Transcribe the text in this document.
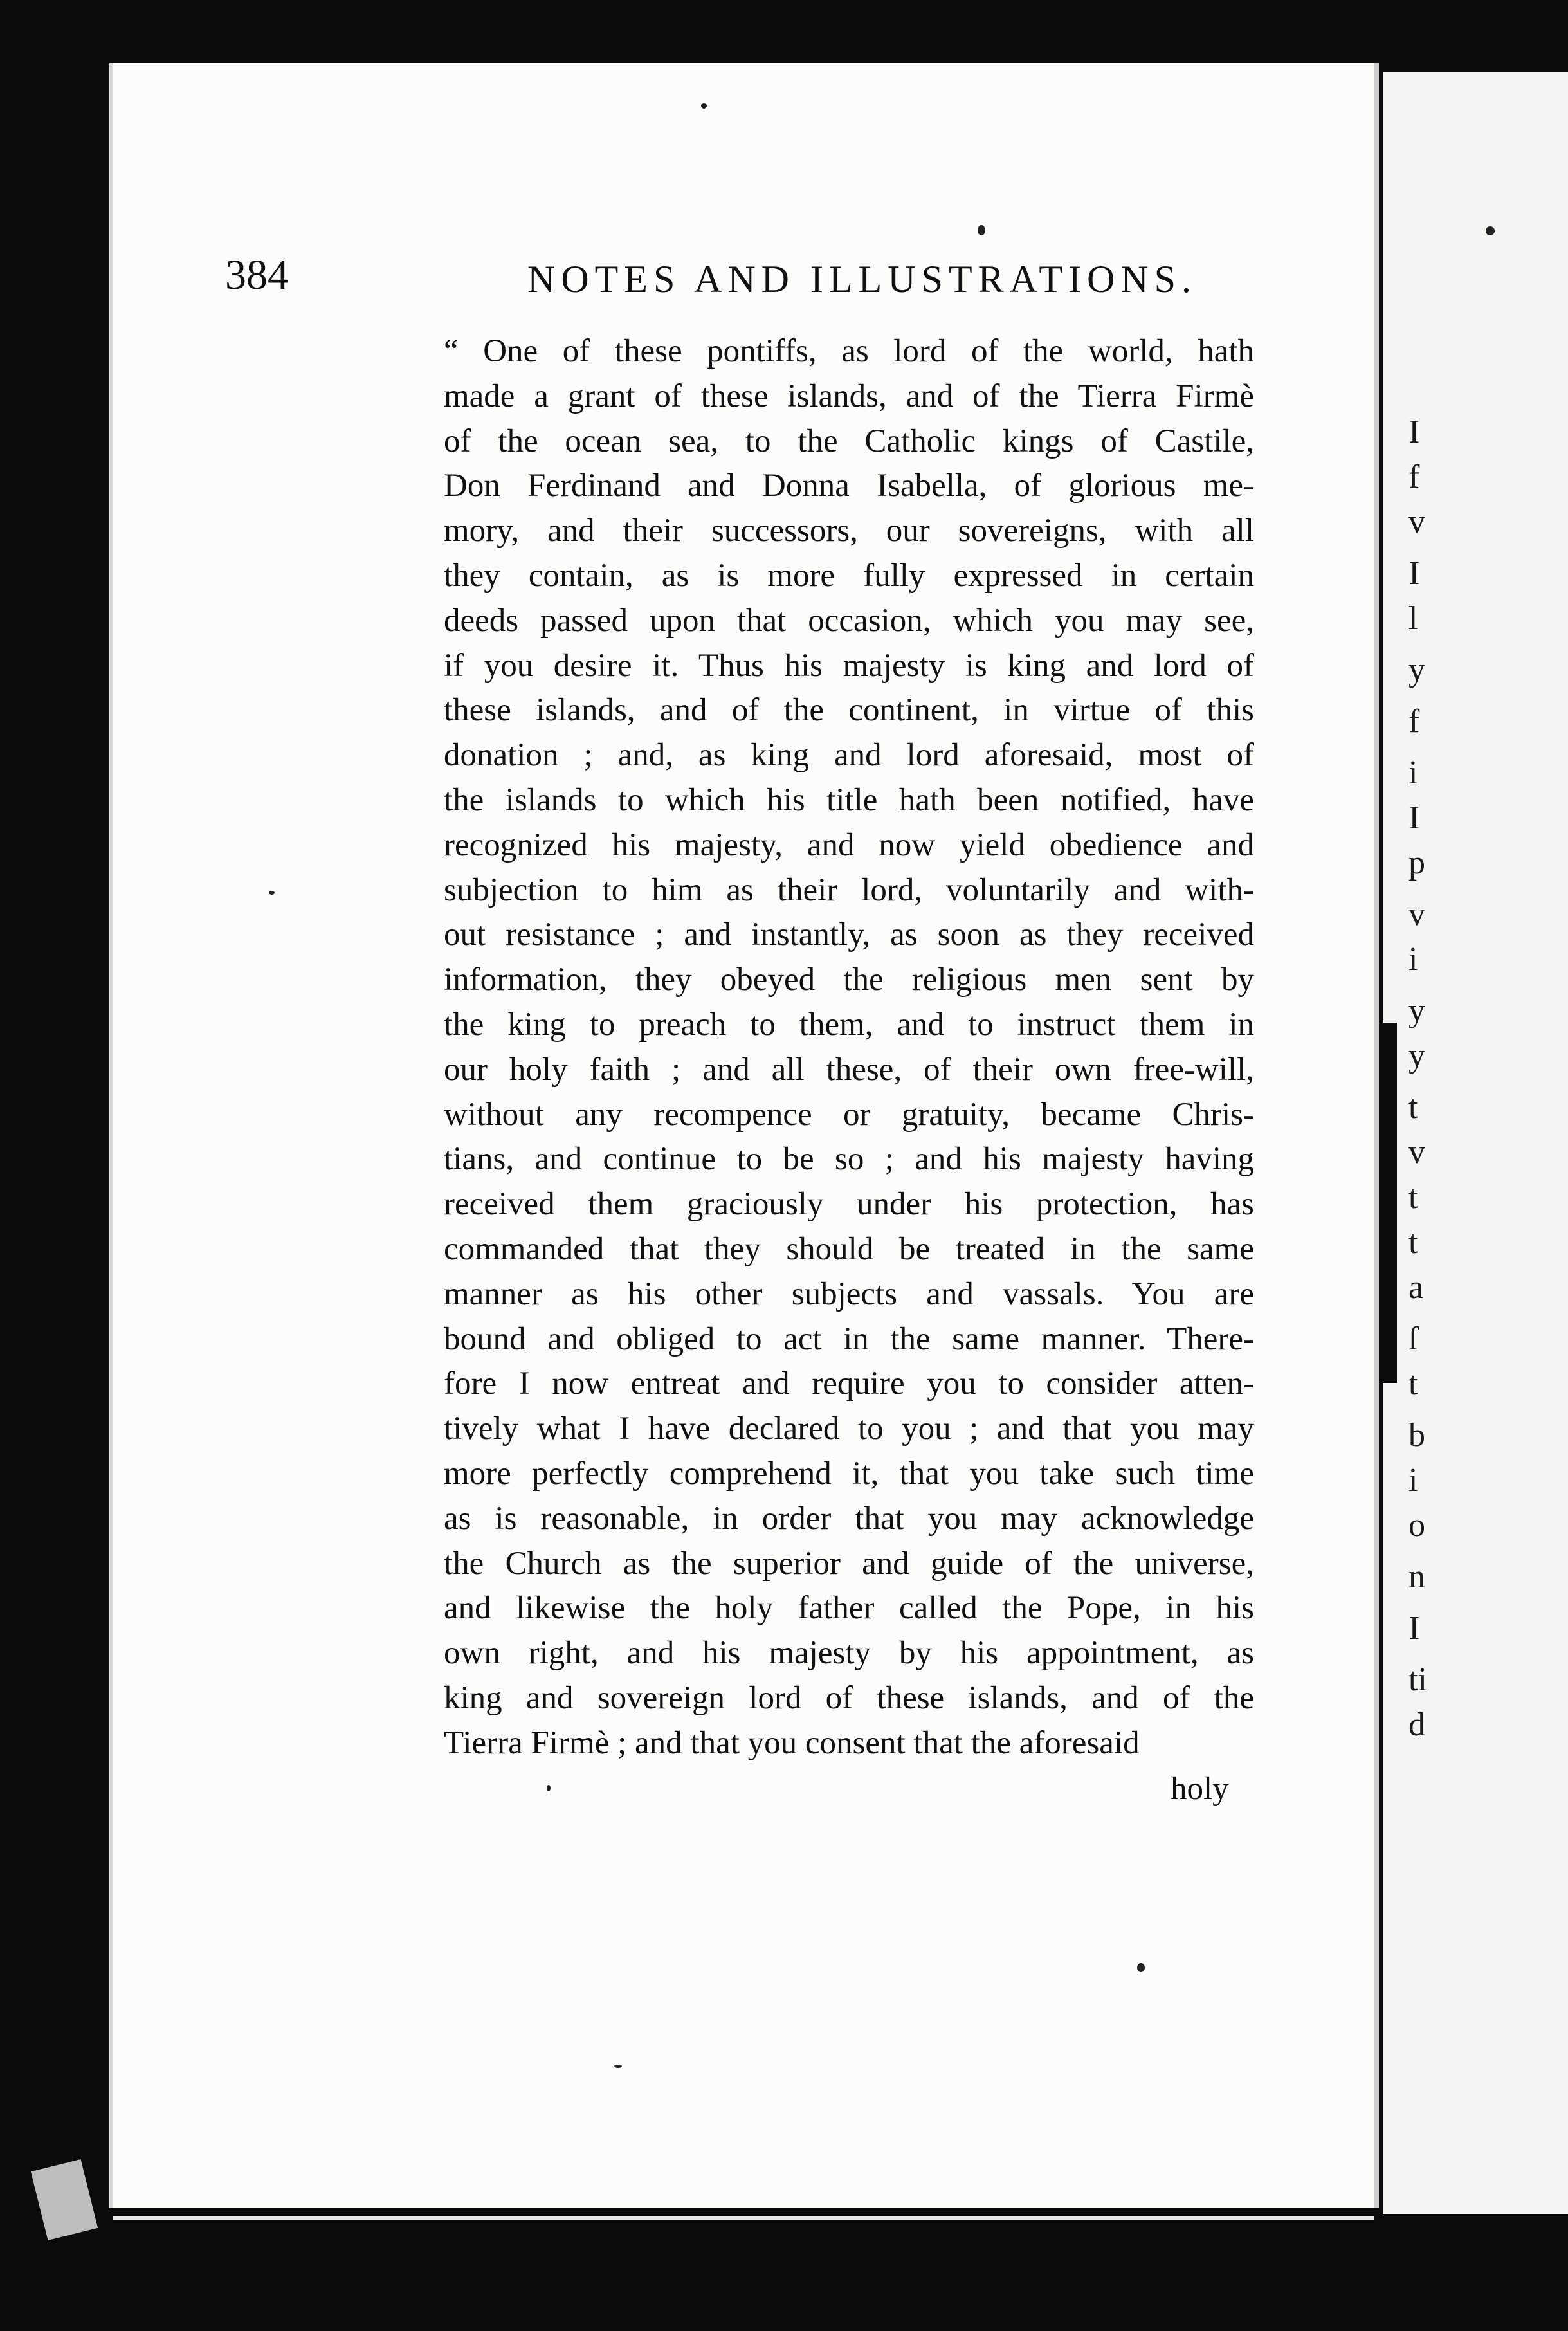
I
f
v
I
l
y
f
i
I
p
v
i
y
y
t
v
t
t
a
ſ
t
b
i
o
n
I
ti
d
384	NOTES AND ILLUSTRATIONS.
“ One of these pontiffs, as lord of the world, hath
made a grant of these islands, and of the Tierra Firmè
of the ocean sea, to the Catholic kings of Castile,
Don Ferdinand and Donna Isabella, of glorious me-
mory, and their successors, our sovereigns, with all
they contain, as is more fully expressed in certain
deeds passed upon that occasion, which you may see,
if you desire it. Thus his majesty is king and lord of
these islands, and of the continent, in virtue of this
donation ; and, as king and lord aforesaid, most of
the islands to which his title hath been notified, have
recognized his majesty, and now yield obedience and
subjection to him as their lord, voluntarily and with-
out resistance ; and instantly, as soon as they received
information, they obeyed the religious men sent by
the king to preach to them, and to instruct them in
our holy faith ; and all these, of their own free-will,
without any recompence or gratuity, became Chris-
tians, and continue to be so ; and his majesty having
received them graciously under his protection, has
commanded that they should be treated in the same
manner as his other subjects and vassals. You are
bound and obliged to act in the same manner. There-
fore I now entreat and require you to consider atten-
tively what I have declared to you ; and that you may
more perfectly comprehend it, that you take such time
as is reasonable, in order that you may acknowledge
the Church as the superior and guide of the universe,
and likewise the holy father called the Pope, in his
own right, and his majesty by his appointment, as
king and sovereign lord of these islands, and of the
Tierra Firmè ; and that you consent that the aforesaid
holy
